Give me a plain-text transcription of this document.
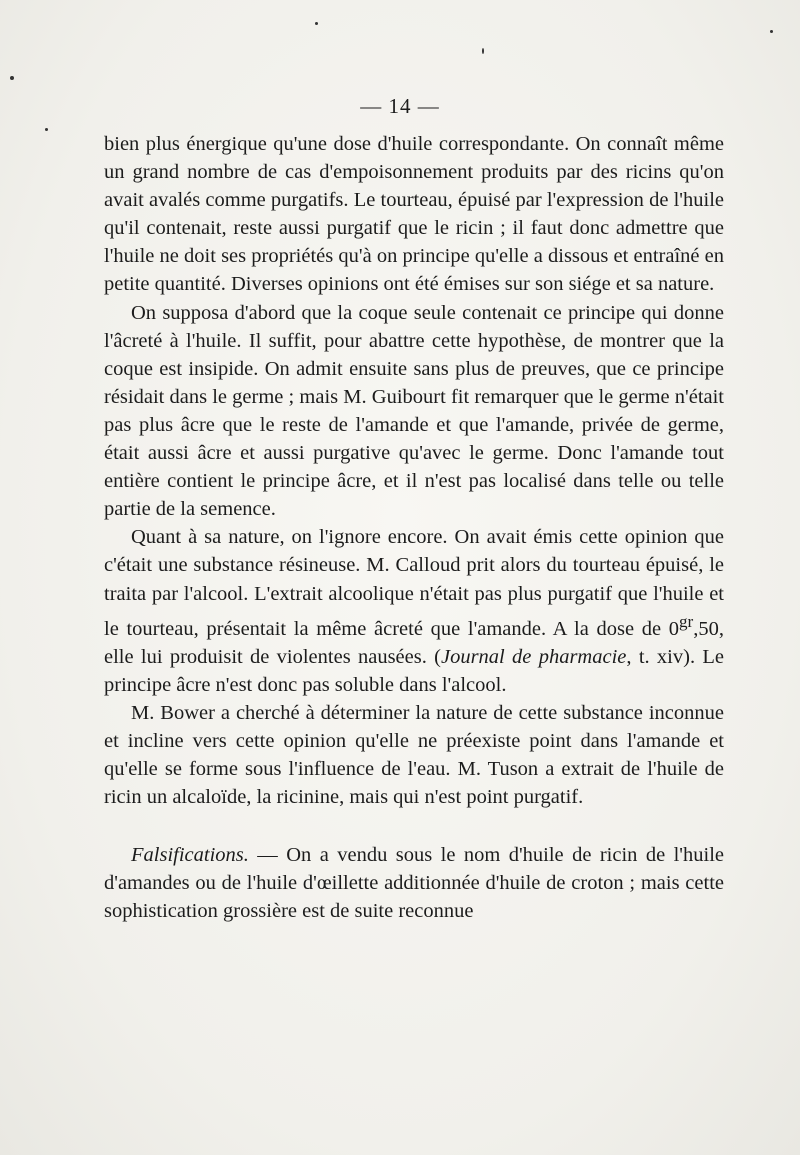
— 14 —

bien plus énergique qu'une dose d'huile correspondante. On connaît même un grand nombre de cas d'empoisonnement produits par des ricins qu'on avait avalés comme purgatifs. Le tourteau, épuisé par l'expression de l'huile qu'il contenait, reste aussi purgatif que le ricin ; il faut donc admettre que l'huile ne doit ses propriétés qu'à on principe qu'elle a dissous et entraîné en petite quantité. Diverses opinions ont été émises sur son siége et sa nature.

On supposa d'abord que la coque seule contenait ce principe qui donne l'âcreté à l'huile. Il suffit, pour abattre cette hypothèse, de montrer que la coque est insipide. On admit ensuite sans plus de preuves, que ce principe résidait dans le germe ; mais M. Guibourt fit remarquer que le germe n'était pas plus âcre que le reste de l'amande et que l'amande, privée de germe, était aussi âcre et aussi purgative qu'avec le germe. Donc l'amande tout entière contient le principe âcre, et il n'est pas localisé dans telle ou telle partie de la semence.

Quant à sa nature, on l'ignore encore. On avait émis cette opinion que c'était une substance résineuse. M. Calloud prit alors du tourteau épuisé, le traita par l'alcool. L'extrait alcoolique n'était pas plus purgatif que l'huile et le tourteau, présentait la même âcreté que l'amande. A la dose de $0^{gr},50$, elle lui produisit de violentes nausées. (Journal de pharmacie, t. xiv). Le principe âcre n'est donc pas soluble dans l'alcool.

M. Bower a cherché à déterminer la nature de cette substance inconnue et incline vers cette opinion qu'elle ne préexiste point dans l'amande et qu'elle se forme sous l'influence de l'eau. M. Tuson a extrait de l'huile de ricin un alcaloïde, la ricinine, mais qui n'est point purgatif.

Falsifications. — On a vendu sous le nom d'huile de ricin de l'huile d'amandes ou de l'huile d'œillette additionnée d'huile de croton ; mais cette sophistication grossière est de suite reconnue
